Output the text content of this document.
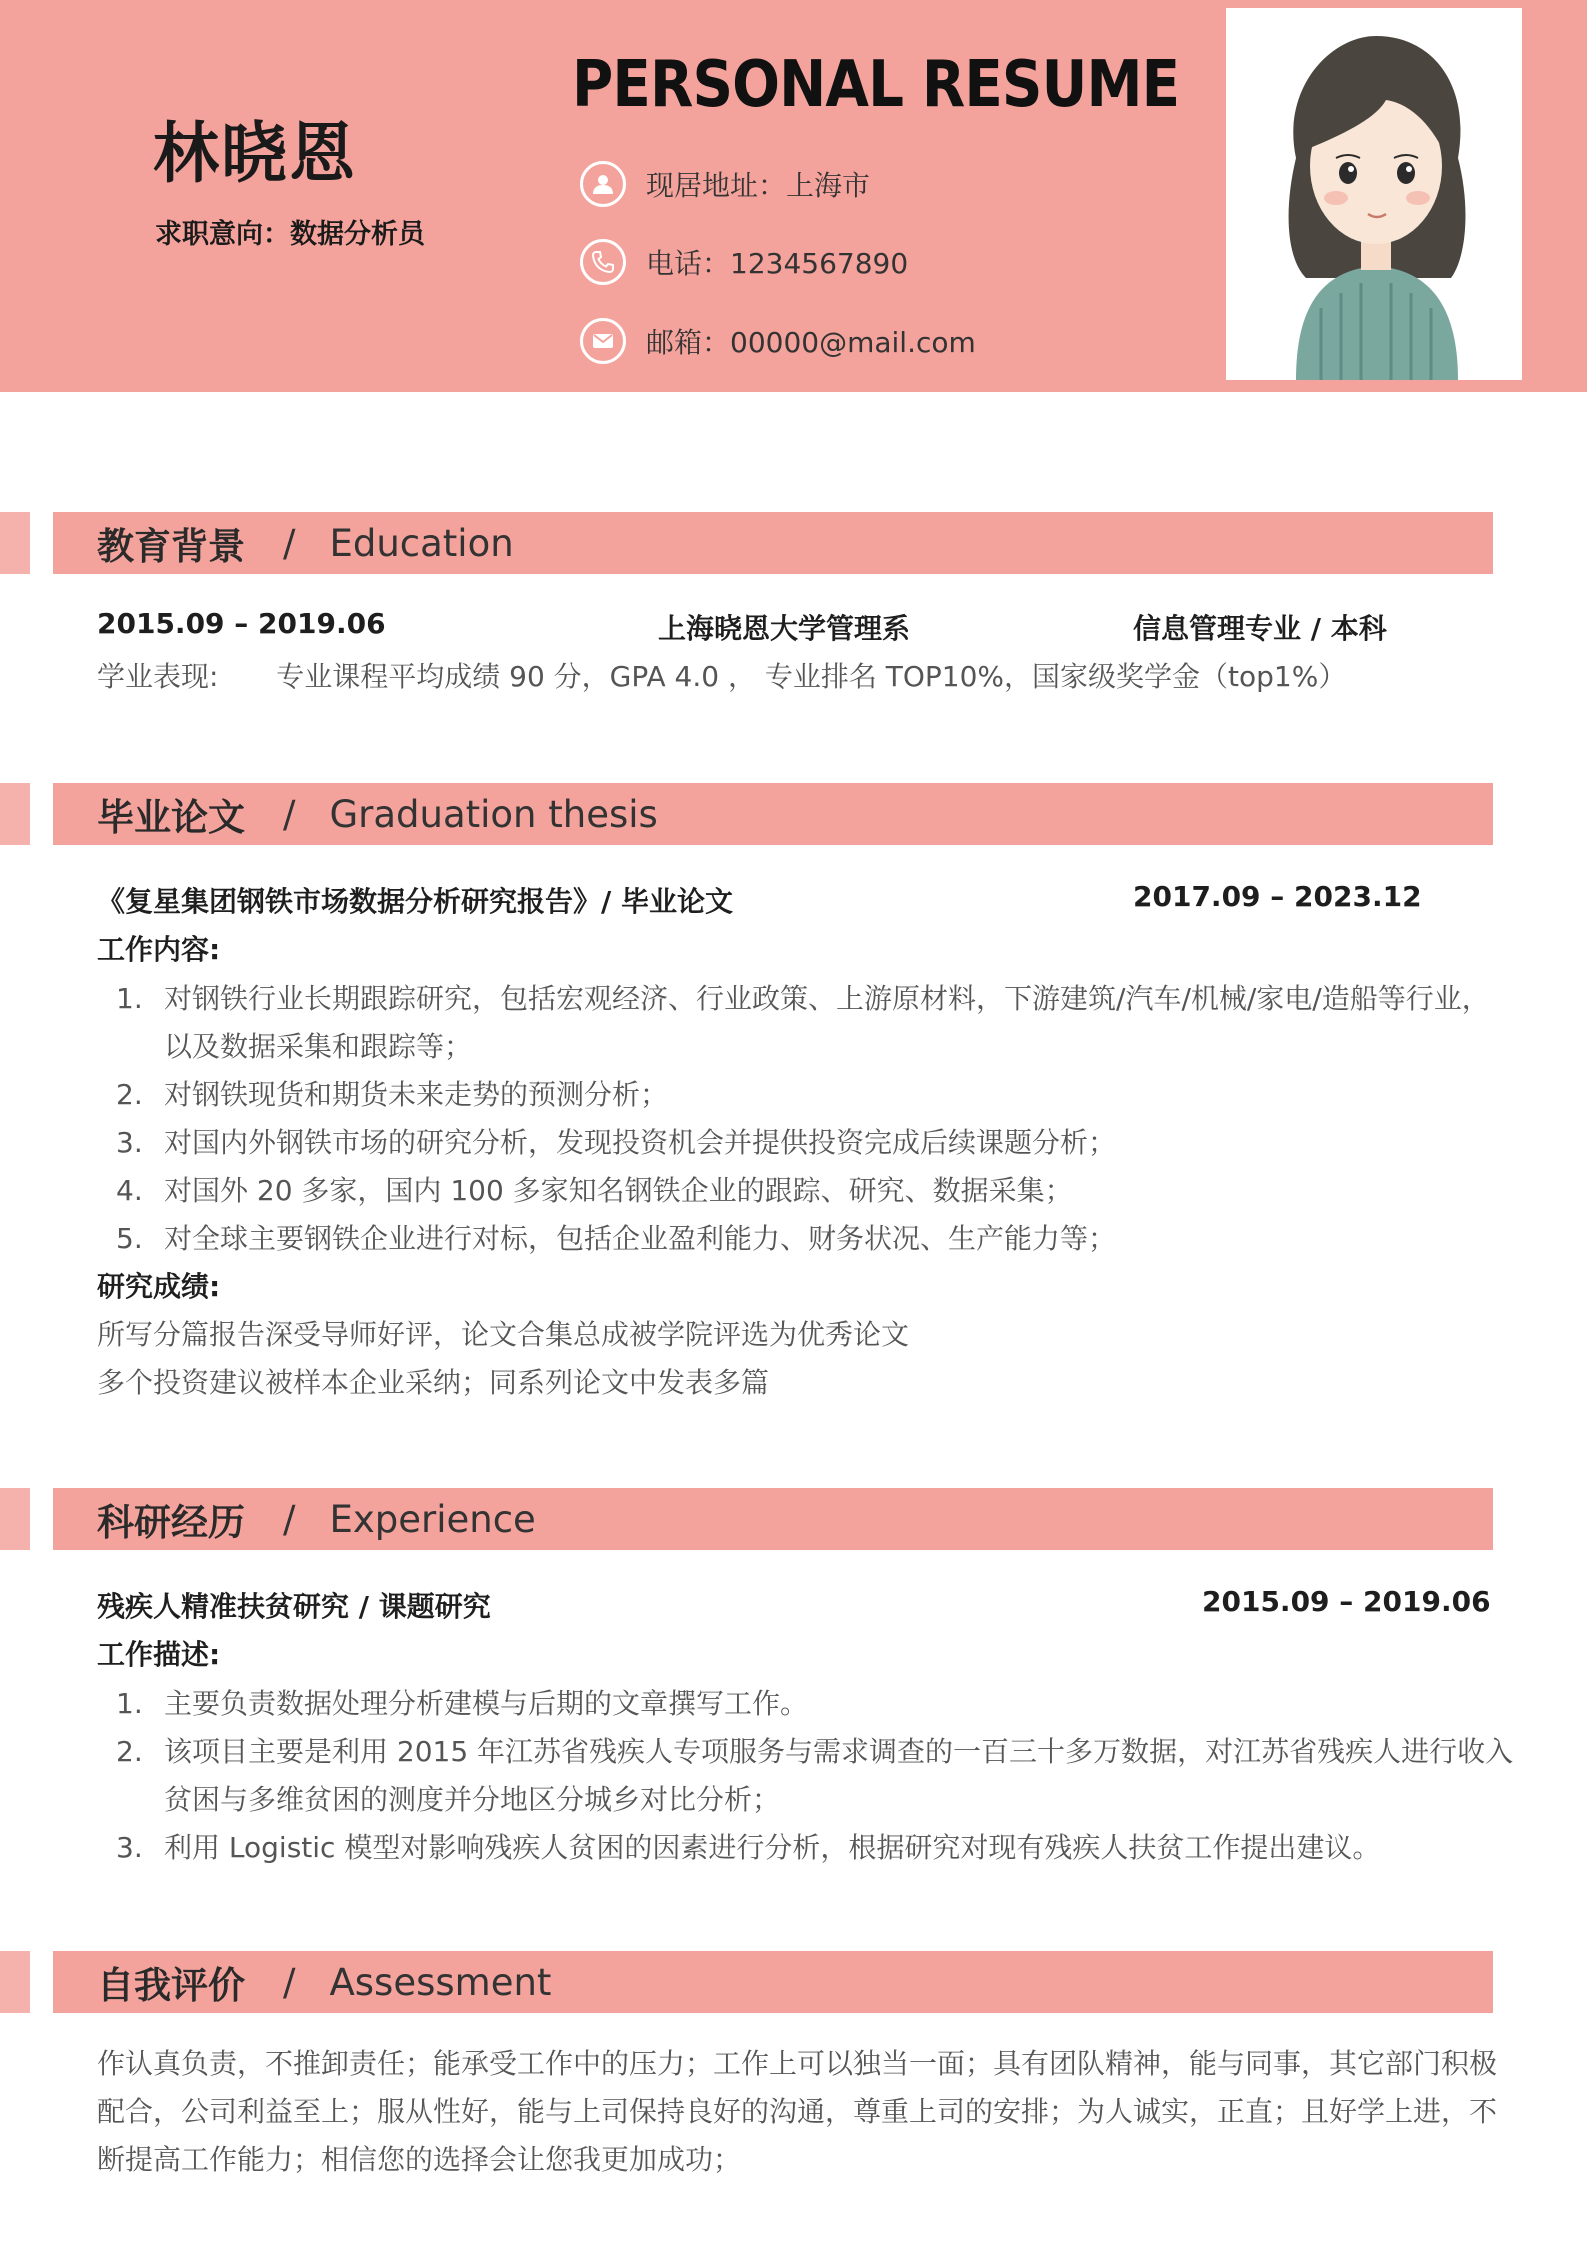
林晓恩
求职意向：数据分析员
PERSONAL RESUME
现居地址：上海市
电话：1234567890
邮箱：00000@mail.com
教育背景 / Education
2015.09 – 2019.06	上海晓恩大学管理系	信息管理专业 / 本科
学业表现: 专业课程平均成绩 90 分，GPA 4.0 ， 专业排名 TOP10%，国家级奖学金（top1%）
毕业论文 / Graduation thesis
《复星集团钢铁市场数据分析研究报告》/ 毕业论文	2017.09 – 2023.12
工作内容:
1. 对钢铁行业长期跟踪研究，包括宏观经济、行业政策、上游原材料，下游建筑/汽车/机械/家电/造船等行业，
以及数据采集和跟踪等；
2. 对钢铁现货和期货未来走势的预测分析；
3. 对国内外钢铁市场的研究分析，发现投资机会并提供投资完成后续课题分析；
4. 对国外 20 多家，国内 100 多家知名钢铁企业的跟踪、研究、数据采集；
5. 对全球主要钢铁企业进行对标，包括企业盈利能力、财务状况、生产能力等；
研究成绩:
所写分篇报告深受导师好评，论文合集总成被学院评选为优秀论文
多个投资建议被样本企业采纳；同系列论文中发表多篇
科研经历 / Experience
残疾人精准扶贫研究 / 课题研究	2015.09 – 2019.06
工作描述:
1. 主要负责数据处理分析建模与后期的文章撰写工作。
2. 该项目主要是利用 2015 年江苏省残疾人专项服务与需求调查的一百三十多万数据，对江苏省残疾人进行收入
贫困与多维贫困的测度并分地区分城乡对比分析；
3. 利用 Logistic 模型对影响残疾人贫困的因素进行分析，根据研究对现有残疾人扶贫工作提出建议。
自我评价 / Assessment
作认真负责，不推卸责任；能承受工作中的压力；工作上可以独当一面；具有团队精神，能与同事，其它部门积极
配合，公司利益至上；服从性好，能与上司保持良好的沟通，尊重上司的安排；为人诚实，正直；且好学上进，不
断提高工作能力；相信您的选择会让您我更加成功；
